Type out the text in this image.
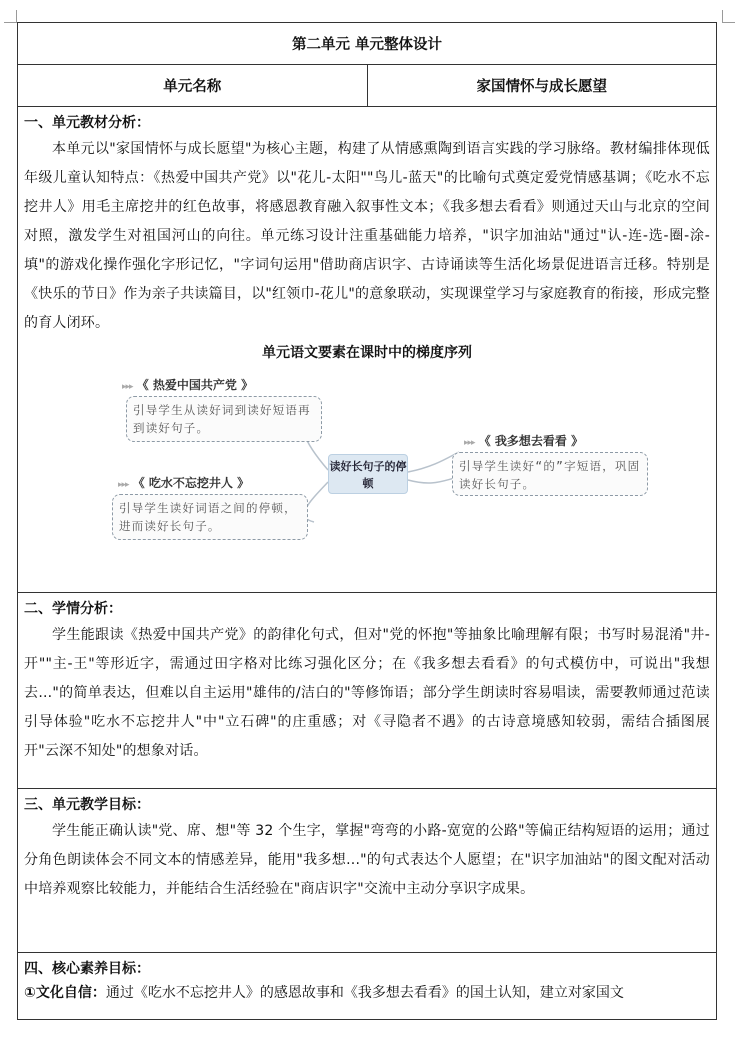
第二单元 单元整体设计
单元名称	家国情怀与成长愿望
一、单元教材分析：

本单元以"家国情怀与成长愿望"为核心主题，构建了从情感熏陶到语言实践的学习脉络。教材编排体现低年级儿童认知特点：《热爱中国共产党》以"花儿-太阳""鸟儿-蓝天"的比喻句式奠定爱党情感基调；《吃水不忘挖井人》用毛主席挖井的红色故事，将感恩教育融入叙事性文本；《我多想去看看》则通过天山与北京的空间对照，激发学生对祖国河山的向往。单元练习设计注重基础能力培养，"识字加油站"通过"认-连-选-圈-涂-填"的游戏化操作强化字形记忆，"字词句运用"借助商店识字、古诗诵读等生活化场景促进语言迁移。特别是《快乐的节日》作为亲子共读篇目，以"红领巾-花儿"的意象联动，实现课堂学习与家庭教育的衔接，形成完整的育人闭环。

单元语文要素在课时中的梯度序列
▸▸▸ 《 热爱中国共产党 》
引导学生从读好词到读好短语再到读好句子。
▸▸▸ 《 吃水不忘挖井人 》
引导学生读好词语之间的停顿，进而读好长句子。
读好长句子的停顿
▸▸▸ 《 我多想去看看 》
引导学生读好“的”字短语，巩固读好长句子。
二、学情分析：

学生能跟读《热爱中国共产党》的韵律化句式，但对"党的怀抱"等抽象比喻理解有限；书写时易混淆"井-开""主-王"等形近字，需通过田字格对比练习强化区分；在《我多想去看看》的句式模仿中，可说出"我想去..."的简单表达，但难以自主运用"雄伟的/洁白的"等修饰语；部分学生朗读时容易唱读，需要教师通过范读引导体验"吃水不忘挖井人"中"立石碑"的庄重感；对《寻隐者不遇》的古诗意境感知较弱，需结合插图展开"云深不知处"的想象对话。

三、单元教学目标：

学生能正确认读"党、席、想"等 32 个生字，掌握"弯弯的小路-宽宽的公路"等偏正结构短语的运用；通过分角色朗读体会不同文本的情感差异，能用"我多想..."的句式表达个人愿望；在"识字加油站"的图文配对活动中培养观察比较能力，并能结合生活经验在"商店识字"交流中主动分享识字成果。

四、核心素养目标：
①文化自信：通过《吃水不忘挖井人》的感恩故事和《我多想去看看》的国土认知，建立对家国文
